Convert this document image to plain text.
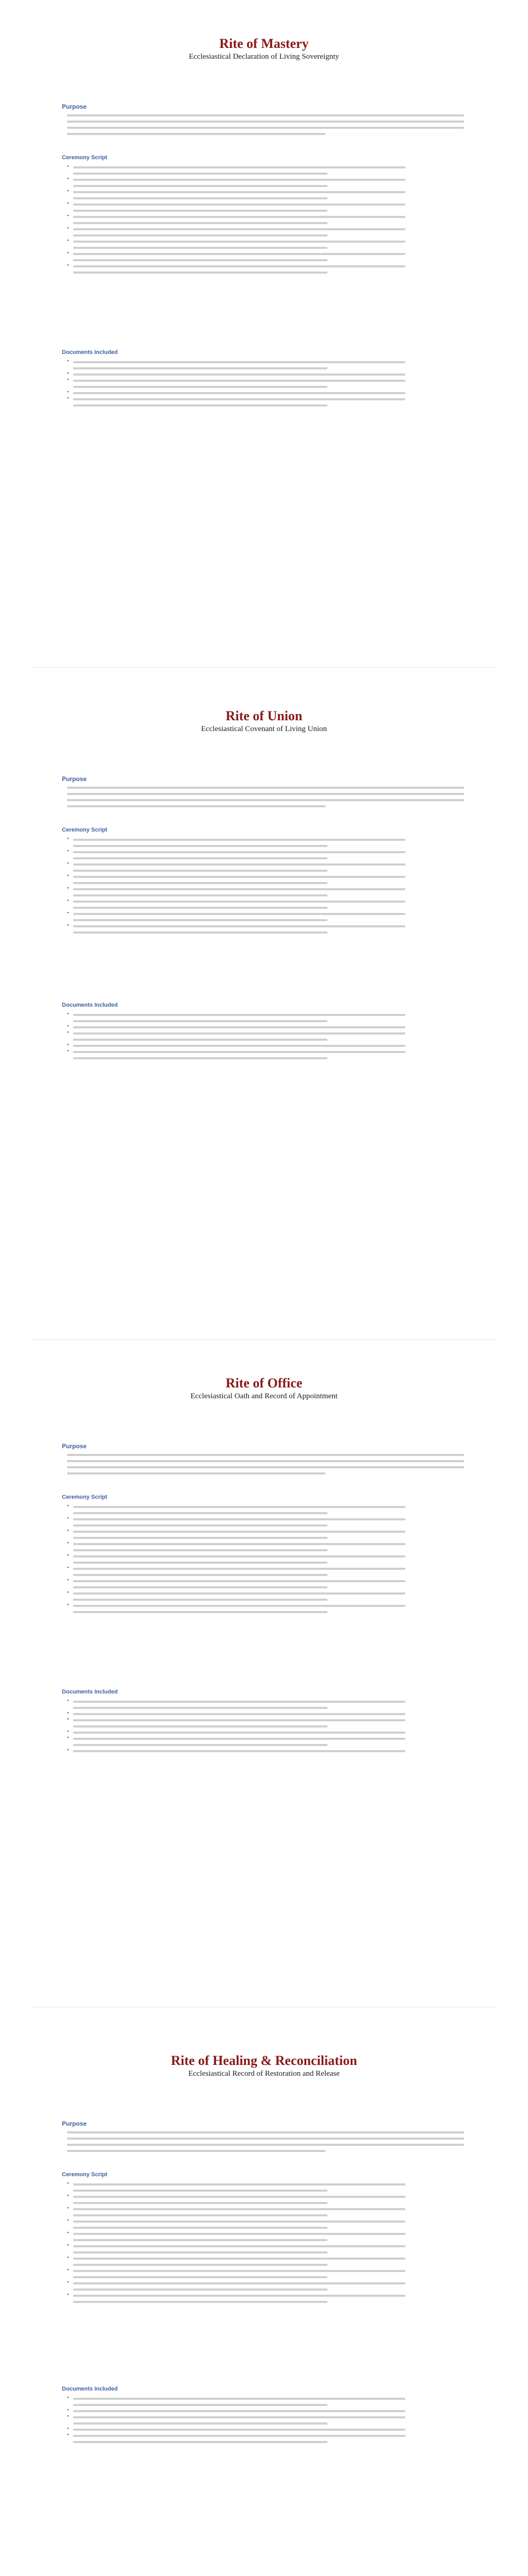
Rite of Mastery
Ecclesiastical Declaration of Living Sovereignty
Purpose
Ceremony Script
•
•
•
•
•
•
•
•
•
Documents Included
•
•
•
•
•
Rite of Union
Ecclesiastical Covenant of Living Union
Purpose
Ceremony Script
•
•
•
•
•
•
•
•
Documents Included
•
•
•
•
•
Rite of Office
Ecclesiastical Oath and Record of Appointment
Purpose
Ceremony Script
•
•
•
•
•
•
•
•
•
Documents Included
•
•
•
•
•
•
Rite of Healing & Reconciliation
Ecclesiastical Record of Restoration and Release
Purpose
Ceremony Script
•
•
•
•
•
•
•
•
•
•
Documents Included
•
•
•
•
•
